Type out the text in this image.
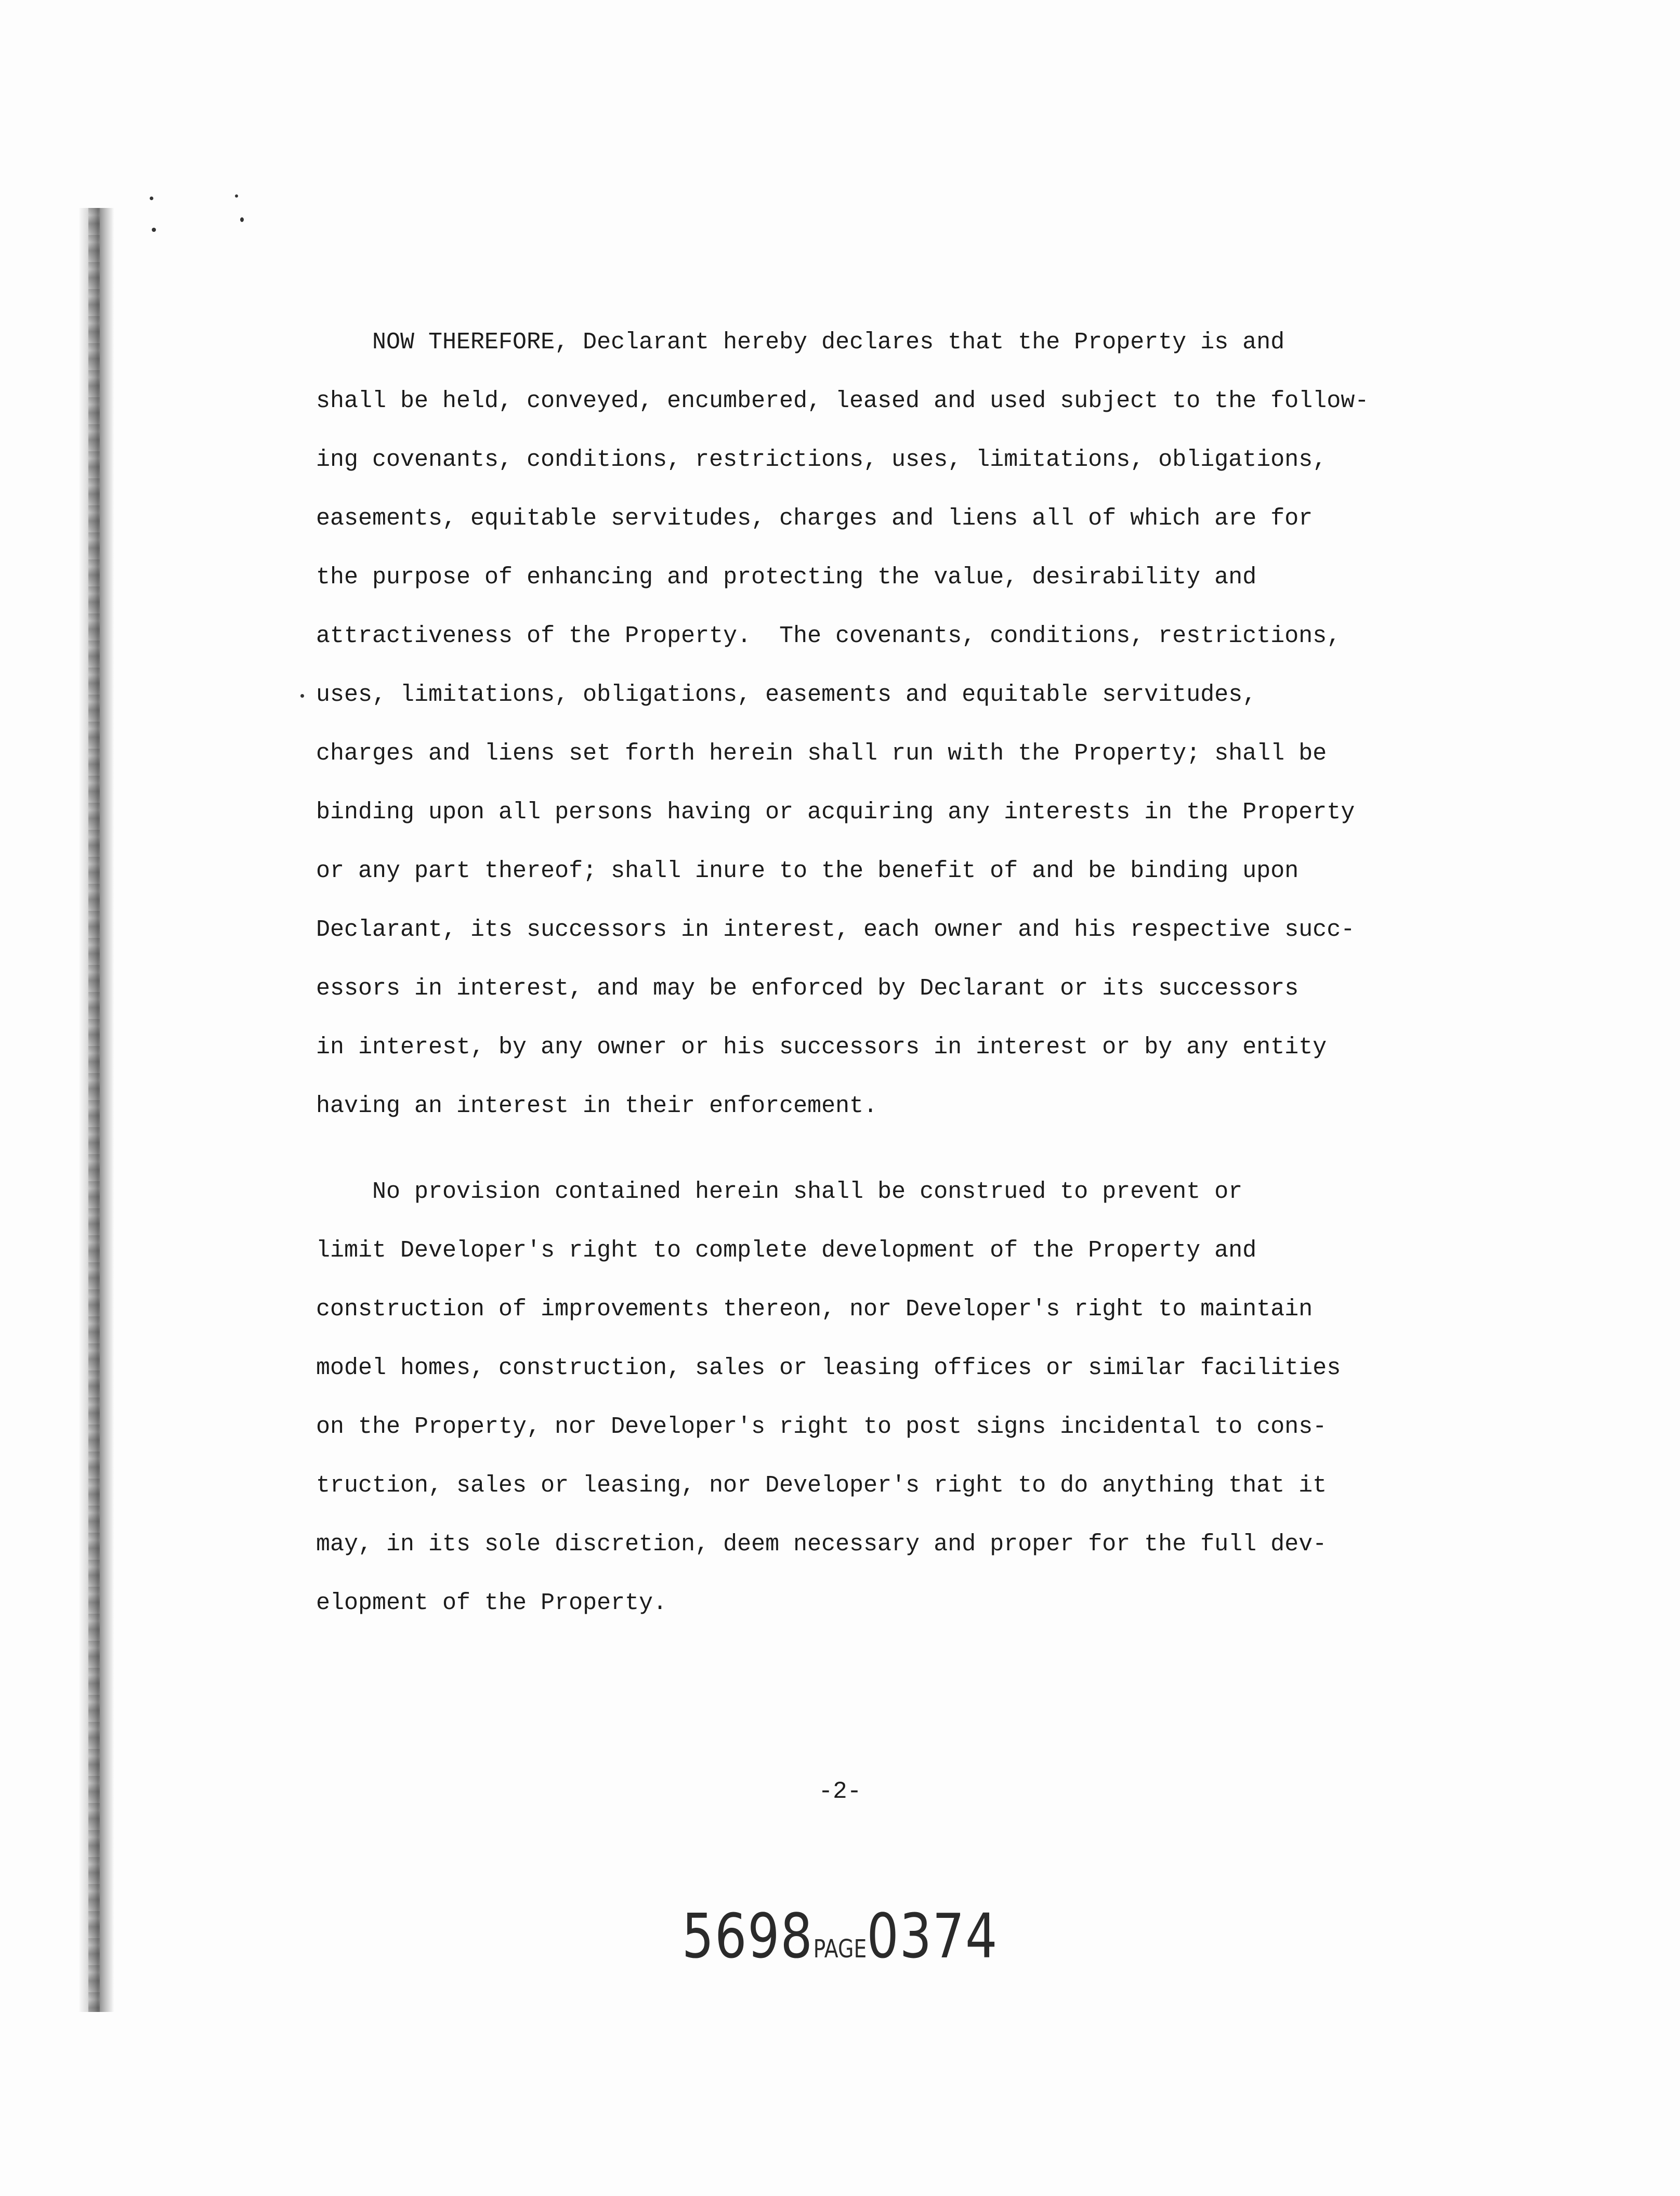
NOW THEREFORE, Declarant hereby declares that the Property is and
shall be held, conveyed, encumbered, leased and used subject to the follow-
ing covenants, conditions, restrictions, uses, limitations, obligations,
easements, equitable servitudes, charges and liens all of which are for
the purpose of enhancing and protecting the value, desirability and
attractiveness of the Property.  The covenants, conditions, restrictions,
uses, limitations, obligations, easements and equitable servitudes,
charges and liens set forth herein shall run with the Property; shall be
binding upon all persons having or acquiring any interests in the Property
or any part thereof; shall inure to the benefit of and be binding upon
Declarant, its successors in interest, each owner and his respective succ-
essors in interest, and may be enforced by Declarant or its successors
in interest, by any owner or his successors in interest or by any entity
having an interest in their enforcement.
No provision contained herein shall be construed to prevent or
limit Developer's right to complete development of the Property and
construction of improvements thereon, nor Developer's right to maintain
model homes, construction, sales or leasing offices or similar facilities
on the Property, nor Developer's right to post signs incidental to cons-
truction, sales or leasing, nor Developer's right to do anything that it
may, in its sole discretion, deem necessary and proper for the full dev-
elopment of the Property.
-2-
5698PAGE0374
